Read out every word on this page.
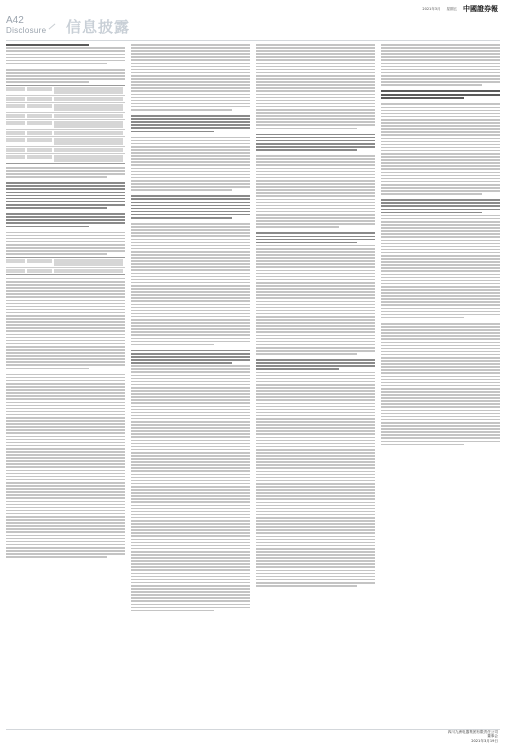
2021年3月 星期五 中國證券報
A42
Disclosure 信息披露
四川九洲电器集团有限责任公司
董事会
2021年3月19日
